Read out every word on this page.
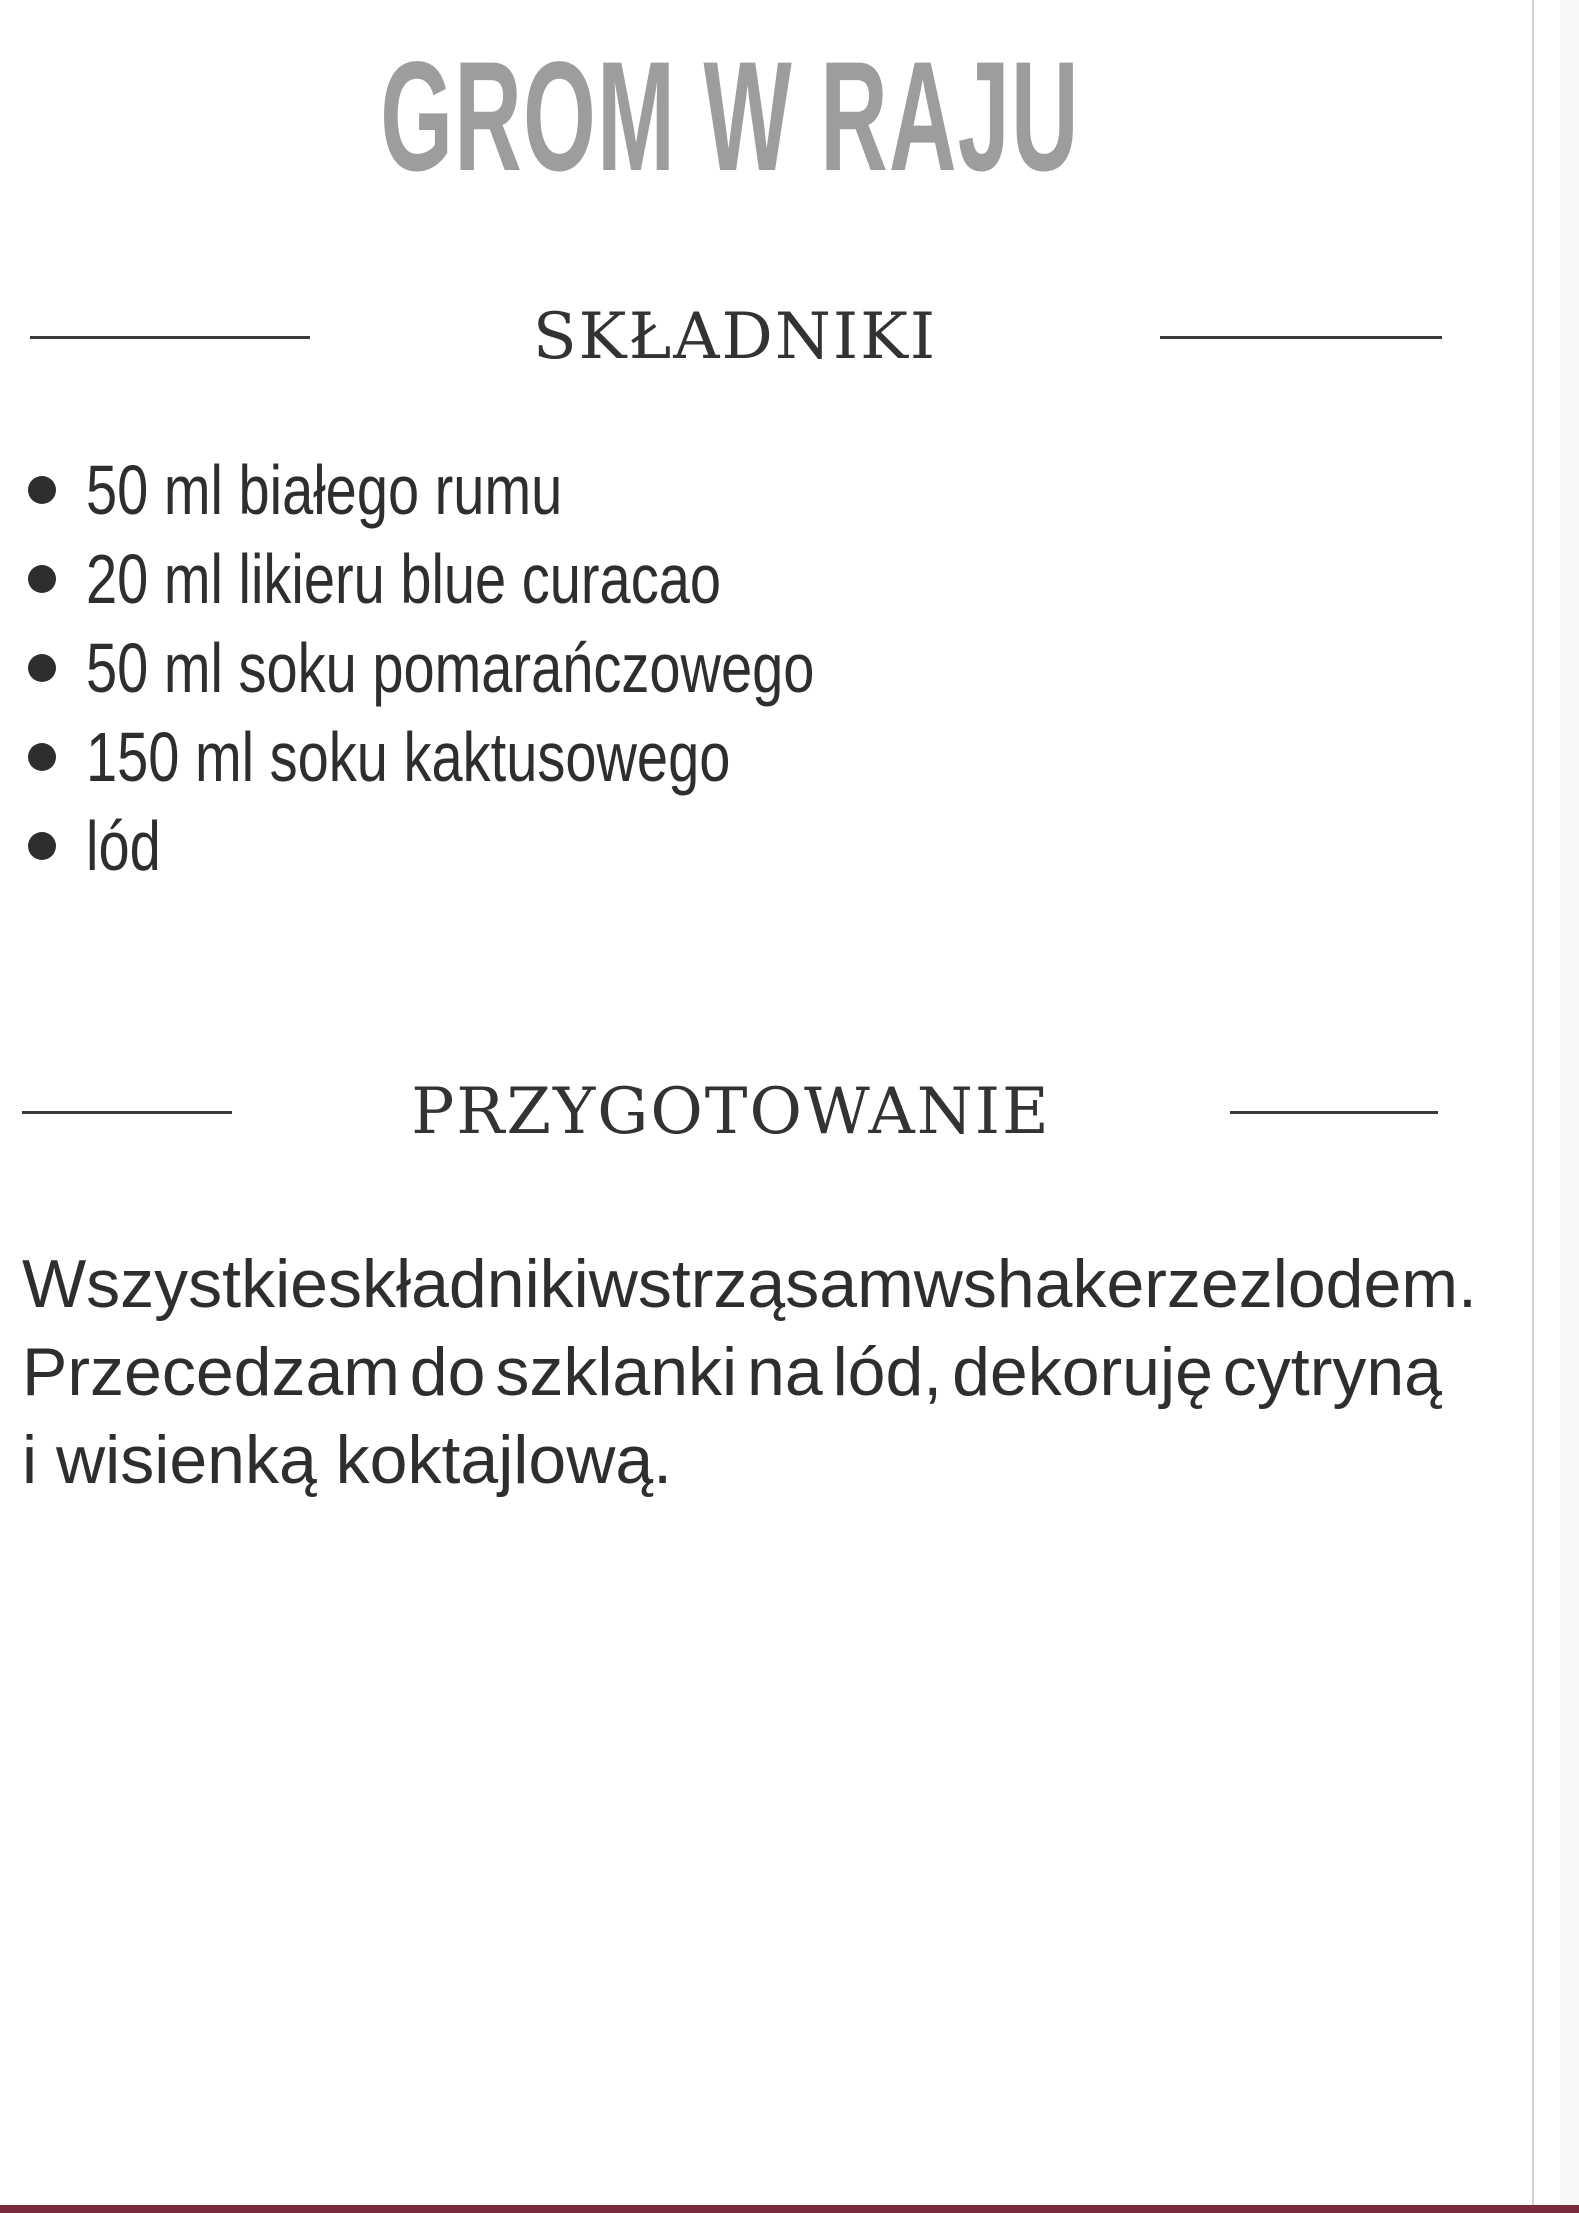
GROM W RAJU
SKŁADNIKI
50 ml białego rumu
20 ml likieru blue curacao
50 ml soku pomarańczowego
150 ml soku kaktusowego
lód
PRZYGOTOWANIE
Wszystkie składniki wstrząsam w shakerze z lodem.
Przecedzam do szklanki na lód, dekoruję cytryną
i wisienką koktajlową.
